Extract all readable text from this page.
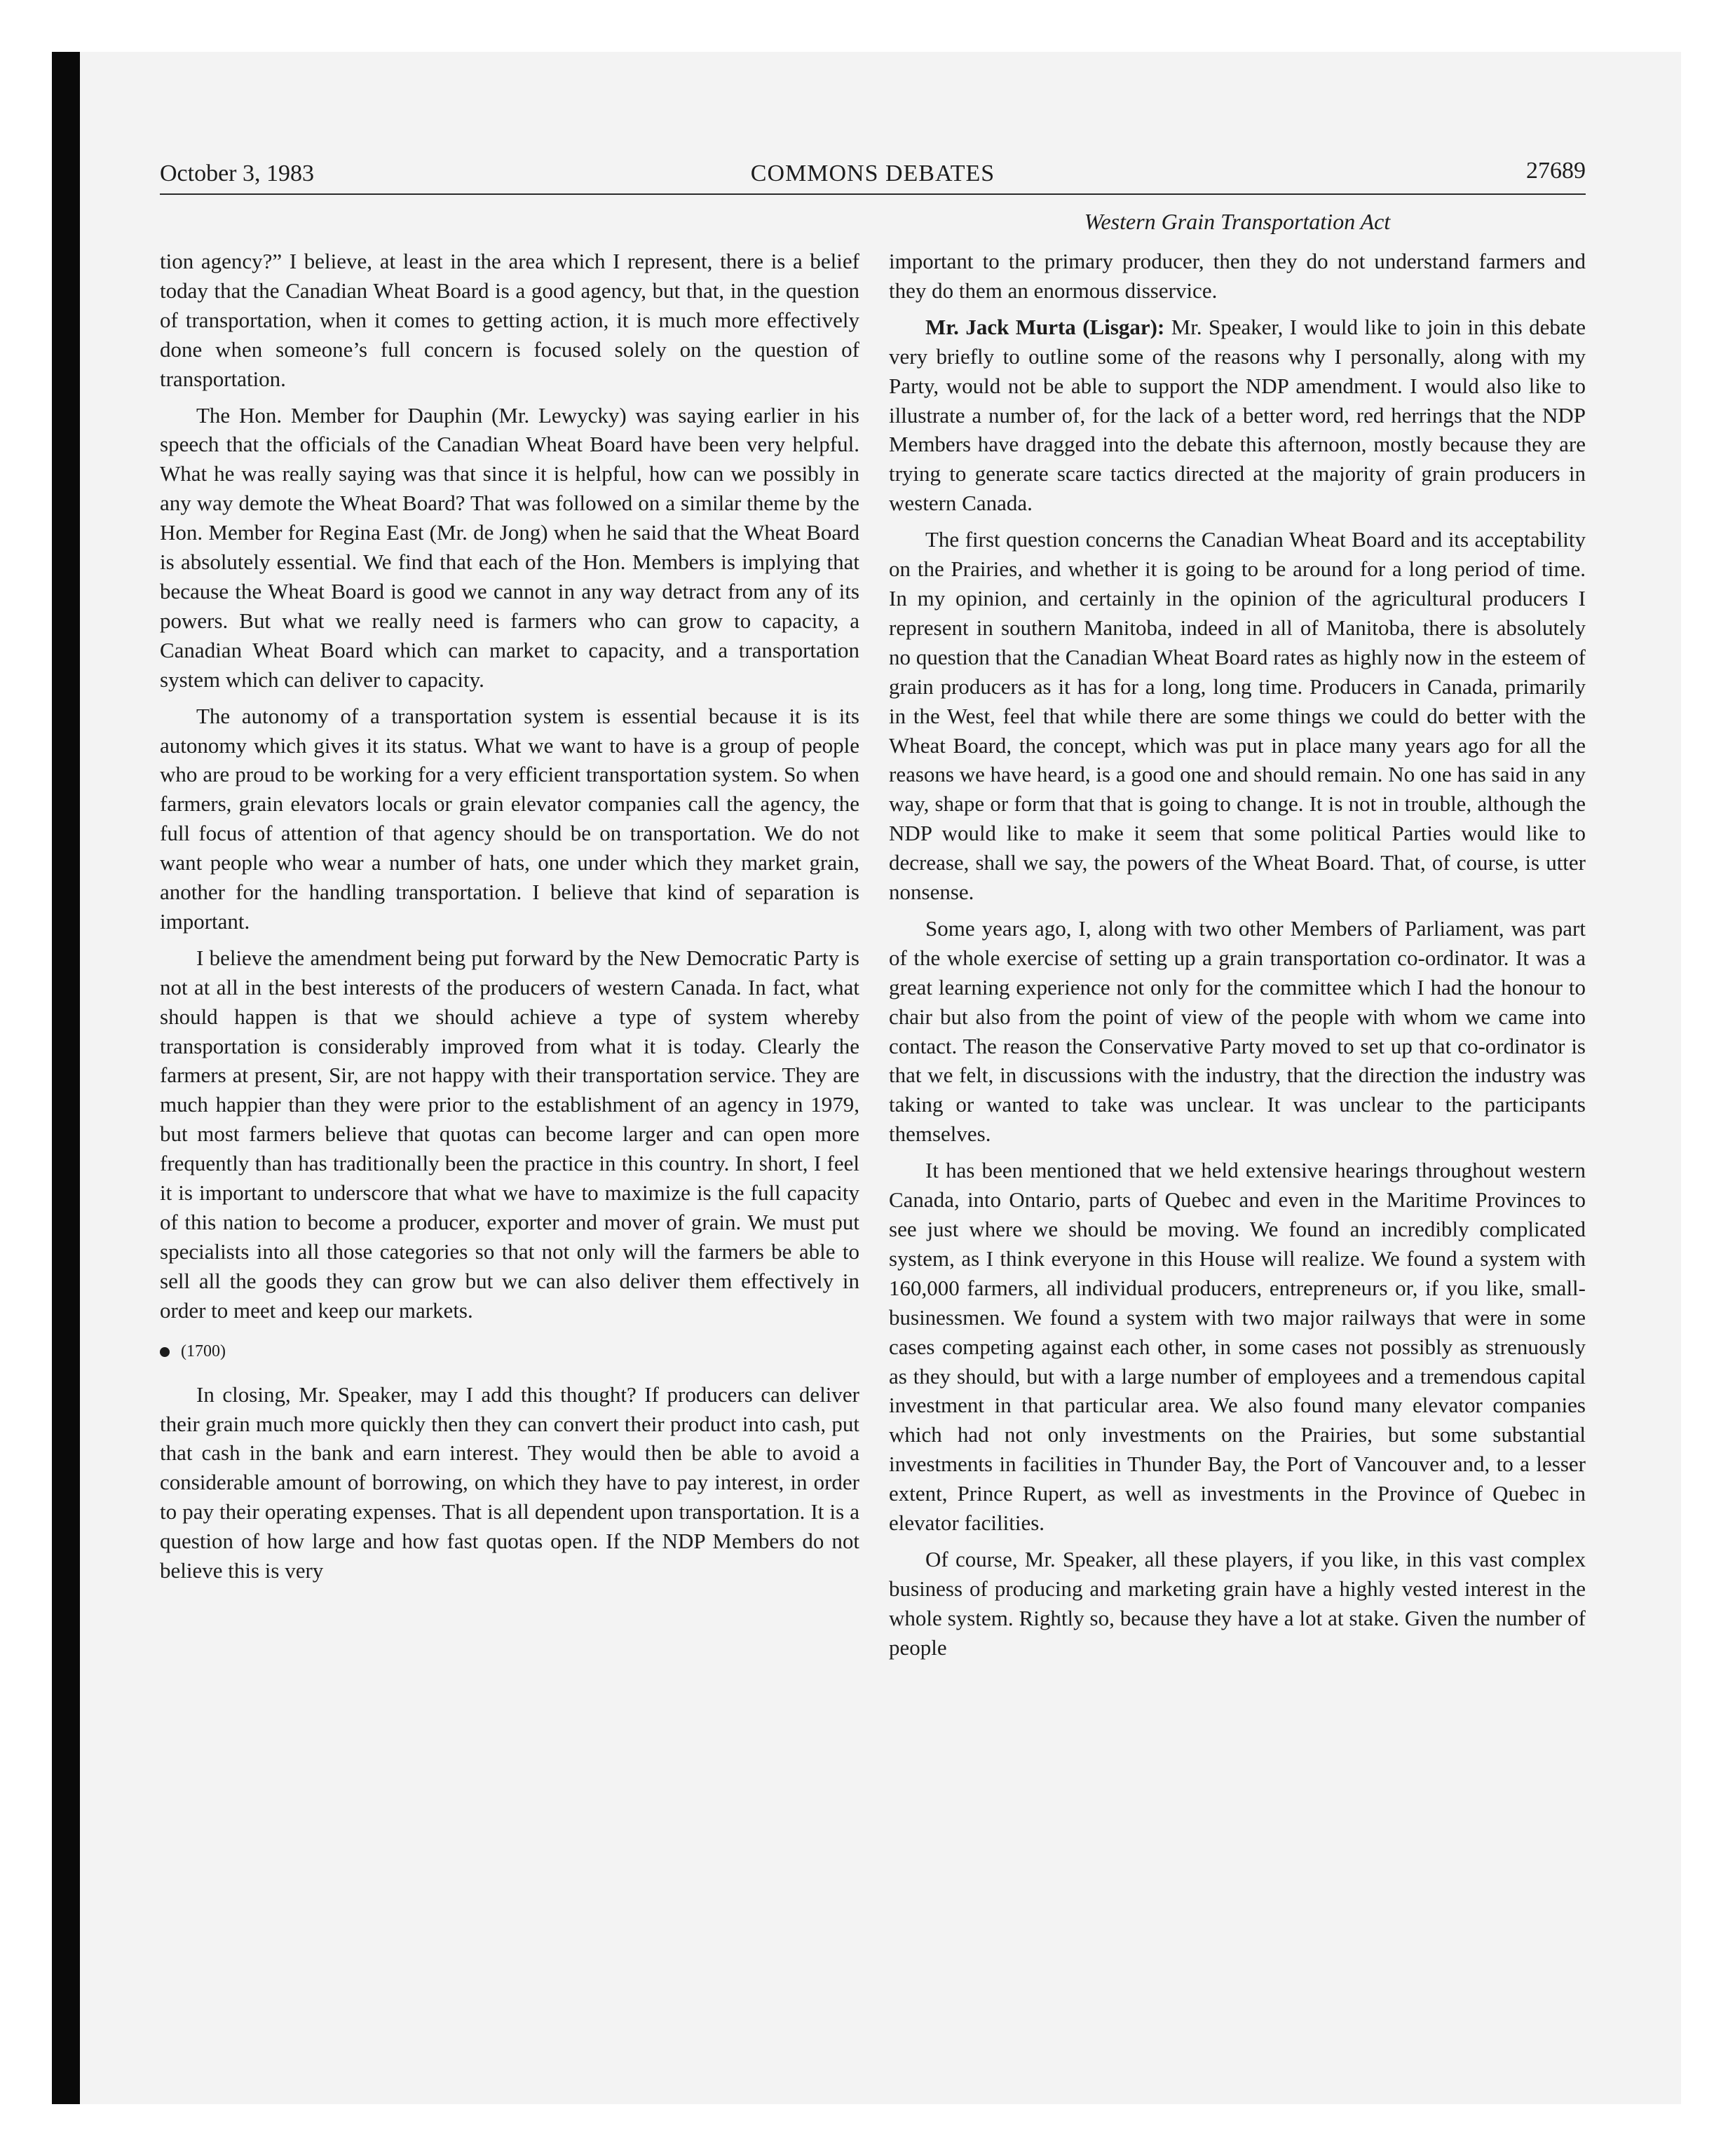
October 3, 1983	COMMONS DEBATES	27689
Western Grain Transportation Act

tion agency?” I believe, at least in the area which I represent, there is a belief today that the Canadian Wheat Board is a good agency, but that, in the question of transportation, when it comes to getting action, it is much more effectively done when someone’s full concern is focused solely on the question of transportation.

The Hon. Member for Dauphin (Mr. Lewycky) was saying earlier in his speech that the officials of the Canadian Wheat Board have been very helpful. What he was really saying was that since it is helpful, how can we possibly in any way demote the Wheat Board? That was followed on a similar theme by the Hon. Member for Regina East (Mr. de Jong) when he said that the Wheat Board is absolutely essential. We find that each of the Hon. Members is implying that because the Wheat Board is good we cannot in any way detract from any of its powers. But what we really need is farmers who can grow to capacity, a Canadian Wheat Board which can market to capacity, and a transportation system which can deliver to capacity.

The autonomy of a transportation system is essential because it is its autonomy which gives it its status. What we want to have is a group of people who are proud to be working for a very efficient transportation system. So when farmers, grain elevators locals or grain elevator companies call the agency, the full focus of attention of that agency should be on transportation. We do not want people who wear a number of hats, one under which they market grain, another for the handling transportation. I believe that kind of separation is important.

I believe the amendment being put forward by the New Democratic Party is not at all in the best interests of the producers of western Canada. In fact, what should happen is that we should achieve a type of system whereby transportation is considerably improved from what it is today. Clearly the farmers at present, Sir, are not happy with their transportation service. They are much happier than they were prior to the establishment of an agency in 1979, but most farmers believe that quotas can become larger and can open more frequently than has traditionally been the practice in this country. In short, I feel it is important to underscore that what we have to maximize is the full capacity of this nation to become a producer, exporter and mover of grain. We must put specialists into all those categories so that not only will the farmers be able to sell all the goods they can grow but we can also deliver them effectively in order to meet and keep our markets.

(1700)

In closing, Mr. Speaker, may I add this thought? If producers can deliver their grain much more quickly then they can convert their product into cash, put that cash in the bank and earn interest. They would then be able to avoid a considerable amount of borrowing, on which they have to pay interest, in order to pay their operating expenses. That is all dependent upon transportation. It is a question of how large and how fast quotas open. If the NDP Members do not believe this is very

important to the primary producer, then they do not understand farmers and they do them an enormous disservice.

Mr. Jack Murta (Lisgar): Mr. Speaker, I would like to join in this debate very briefly to outline some of the reasons why I personally, along with my Party, would not be able to support the NDP amendment. I would also like to illustrate a number of, for the lack of a better word, red herrings that the NDP Members have dragged into the debate this afternoon, mostly because they are trying to generate scare tactics directed at the majority of grain producers in western Canada.

The first question concerns the Canadian Wheat Board and its acceptability on the Prairies, and whether it is going to be around for a long period of time. In my opinion, and certainly in the opinion of the agricultural producers I represent in southern Manitoba, indeed in all of Manitoba, there is absolutely no question that the Canadian Wheat Board rates as highly now in the esteem of grain producers as it has for a long, long time. Producers in Canada, primarily in the West, feel that while there are some things we could do better with the Wheat Board, the concept, which was put in place many years ago for all the reasons we have heard, is a good one and should remain. No one has said in any way, shape or form that that is going to change. It is not in trouble, although the NDP would like to make it seem that some political Parties would like to decrease, shall we say, the powers of the Wheat Board. That, of course, is utter nonsense.

Some years ago, I, along with two other Members of Parliament, was part of the whole exercise of setting up a grain transportation co-ordinator. It was a great learning experience not only for the committee which I had the honour to chair but also from the point of view of the people with whom we came into contact. The reason the Conservative Party moved to set up that co-ordinator is that we felt, in discussions with the industry, that the direction the industry was taking or wanted to take was unclear. It was unclear to the participants themselves.

It has been mentioned that we held extensive hearings throughout western Canada, into Ontario, parts of Quebec and even in the Maritime Provinces to see just where we should be moving. We found an incredibly complicated system, as I think everyone in this House will realize. We found a system with 160,000 farmers, all individual producers, entrepreneurs or, if you like, small-businessmen. We found a system with two major railways that were in some cases competing against each other, in some cases not possibly as strenuously as they should, but with a large number of employees and a tremendous capital investment in that particular area. We also found many elevator companies which had not only investments on the Prairies, but some substantial investments in facilities in Thunder Bay, the Port of Vancouver and, to a lesser extent, Prince Rupert, as well as investments in the Province of Quebec in elevator facilities.

Of course, Mr. Speaker, all these players, if you like, in this vast complex business of producing and marketing grain have a highly vested interest in the whole system. Rightly so, because they have a lot at stake. Given the number of people
